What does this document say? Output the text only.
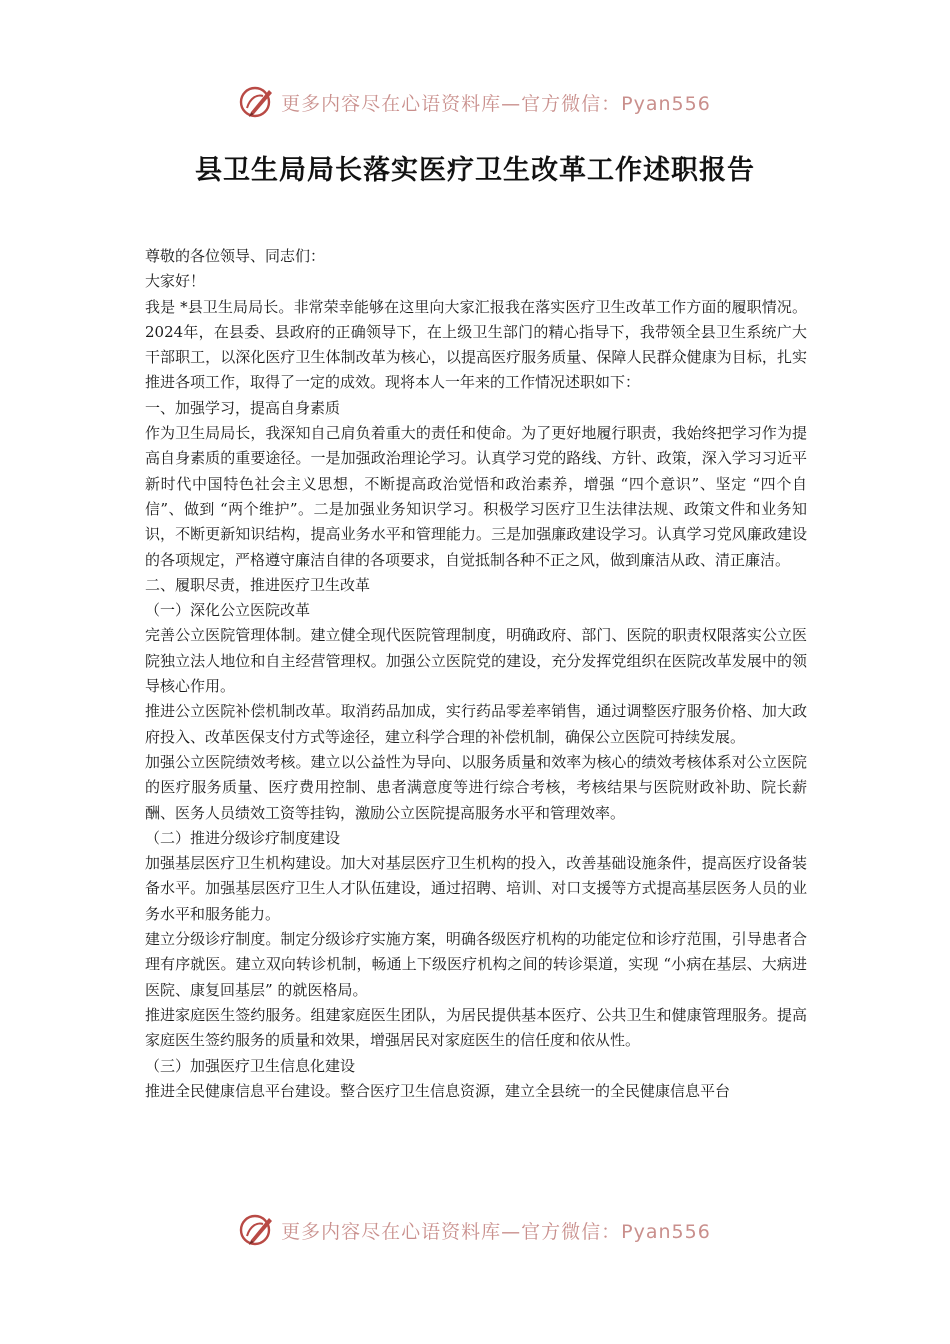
更多内容尽在心语资料库—官方微信：Pyan556
县卫生局局长落实医疗卫生改革工作述职报告

尊敬的各位领导、同志们：

大家好！

我是 *县卫生局局长。非常荣幸能够在这里向大家汇报我在落实医疗卫生改革工作方面的履职情况。2024年，在县委、县政府的正确领导下，在上级卫生部门的精心指导下，我带领全县卫生系统广大干部职工，以深化医疗卫生体制改革为核心，以提高医疗服务质量、保障人民群众健康为目标，扎实推进各项工作，取得了一定的成效。现将本人一年来的工作情况述职如下：

一、加强学习，提高自身素质

作为卫生局局长，我深知自己肩负着重大的责任和使命。为了更好地履行职责，我始终把学习作为提高自身素质的重要途径。一是加强政治理论学习。认真学习党的路线、方针、政策，深入学习习近平新时代中国特色社会主义思想，不断提高政治觉悟和政治素养，增强 “四个意识”、坚定 “四个自信”、做到 “两个维护”。二是加强业务知识学习。积极学习医疗卫生法律法规、政策文件和业务知识，不断更新知识结构，提高业务水平和管理能力。三是加强廉政建设学习。认真学习党风廉政建设的各项规定，严格遵守廉洁自律的各项要求，自觉抵制各种不正之风，做到廉洁从政、清正廉洁。

二、履职尽责，推进医疗卫生改革

（一）深化公立医院改革

完善公立医院管理体制。建立健全现代医院管理制度，明确政府、部门、医院的职责权限落实公立医院独立法人地位和自主经营管理权。加强公立医院党的建设，充分发挥党组织在医院改革发展中的领导核心作用。

推进公立医院补偿机制改革。取消药品加成，实行药品零差率销售，通过调整医疗服务价格、加大政府投入、改革医保支付方式等途径，建立科学合理的补偿机制，确保公立医院可持续发展。

加强公立医院绩效考核。建立以公益性为导向、以服务质量和效率为核心的绩效考核体系对公立医院的医疗服务质量、医疗费用控制、患者满意度等进行综合考核，考核结果与医院财政补助、院长薪酬、医务人员绩效工资等挂钩，激励公立医院提高服务水平和管理效率。

（二）推进分级诊疗制度建设

加强基层医疗卫生机构建设。加大对基层医疗卫生机构的投入，改善基础设施条件，提高医疗设备装备水平。加强基层医疗卫生人才队伍建设，通过招聘、培训、对口支援等方式提高基层医务人员的业务水平和服务能力。

建立分级诊疗制度。制定分级诊疗实施方案，明确各级医疗机构的功能定位和诊疗范围，引导患者合理有序就医。建立双向转诊机制，畅通上下级医疗机构之间的转诊渠道，实现 “小病在基层、大病进医院、康复回基层” 的就医格局。

推进家庭医生签约服务。组建家庭医生团队，为居民提供基本医疗、公共卫生和健康管理服务。提高家庭医生签约服务的质量和效果，增强居民对家庭医生的信任度和依从性。

（三）加强医疗卫生信息化建设

推进全民健康信息平台建设。整合医疗卫生信息资源，建立全县统一的全民健康信息平台

更多内容尽在心语资料库—官方微信：Pyan556
